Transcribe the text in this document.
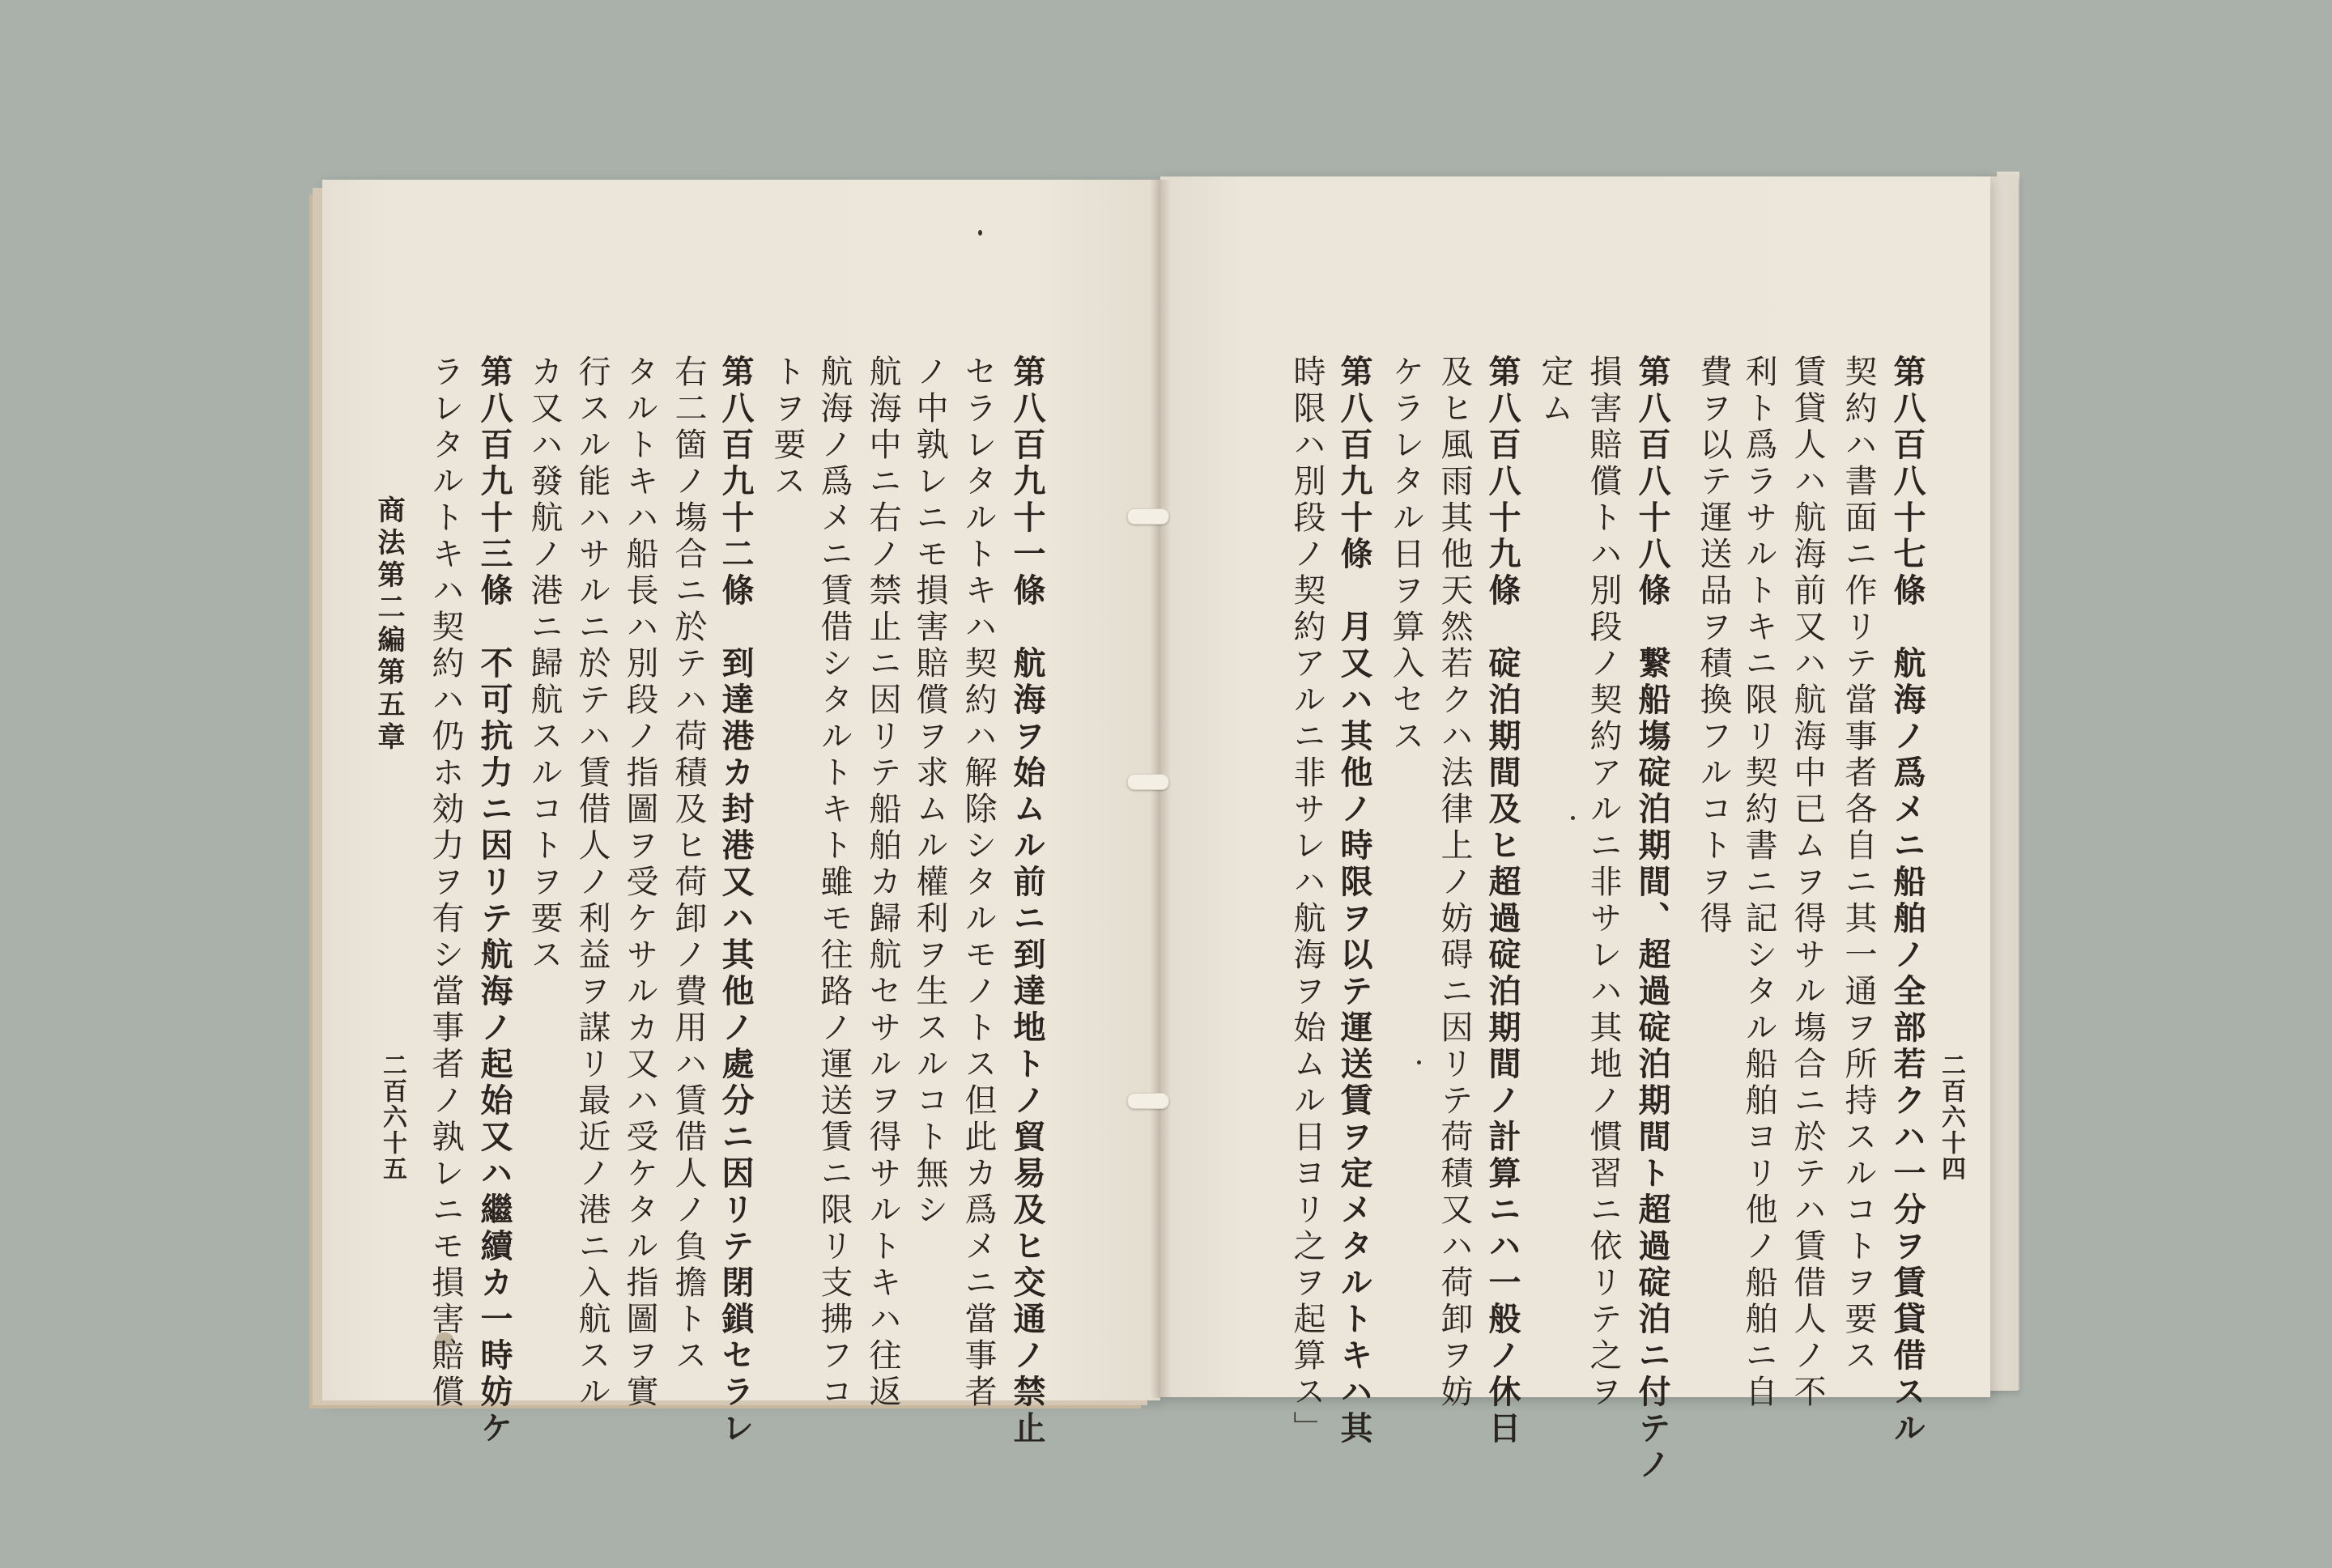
二百六十四
第八百八十七條　航海ノ爲メニ船舶ノ全部若クハ一分ヲ賃貸借スル
契約ハ書面ニ作リテ當事者各自ニ其一通ヲ所持スルコトヲ要ス
賃貸人ハ航海前又ハ航海中已ムヲ得サル塲合ニ於テハ賃借人ノ不
利ト爲ラサルトキニ限リ契約書ニ記シタル船舶ヨリ他ノ船舶ニ自
費ヲ以テ運送品ヲ積換フルコトヲ得
第八百八十八條　繋船塲碇泊期間、超過碇泊期間ト超過碇泊ニ付テノ
損害賠償トハ別段ノ契約アルニ非サレハ其地ノ慣習ニ依リテ之ヲ
定ム
第八百八十九條　碇泊期間及ヒ超過碇泊期間ノ計算ニハ一般ノ休日
及ヒ風雨其他天然若クハ法律上ノ妨碍ニ因リテ荷積又ハ荷卸ヲ妨
ケラレタル日ヲ算入セス
第八百九十條　月又ハ其他ノ時限ヲ以テ運送賃ヲ定メタルトキハ其
時限ハ別段ノ契約アルニ非サレハ航海ヲ始ムル日ヨリ之ヲ起算ス」
第八百九十一條　航海ヲ始ムル前ニ到達地トノ貿易及ヒ交通ノ禁止
セラレタルトキハ契約ハ解除シタルモノトス但此カ爲メニ當事者
ノ中孰レニモ損害賠償ヲ求ムル權利ヲ生スルコト無シ
航海中ニ右ノ禁止ニ因リテ船舶カ歸航セサルヲ得サルトキハ往返
航海ノ爲メニ賃借シタルトキト雖モ往路ノ運送賃ニ限リ支拂フコ
トヲ要ス
第八百九十二條　到達港カ封港又ハ其他ノ處分ニ因リテ閉鎖セラレ
右二箇ノ塲合ニ於テハ荷積及ヒ荷卸ノ費用ハ賃借人ノ負擔トス
タルトキハ船長ハ別段ノ指圖ヲ受ケサルカ又ハ受ケタル指圖ヲ實
行スル能ハサルニ於テハ賃借人ノ利益ヲ謀リ最近ノ港ニ入航スル
カ又ハ發航ノ港ニ歸航スルコトヲ要ス
第八百九十三條　不可抗力ニ因リテ航海ノ起始又ハ繼續カ一時妨ケ
ラレタルトキハ契約ハ仍ホ効力ヲ有シ當事者ノ孰レニモ損害賠償
商法第二編第五章
二百六十五
